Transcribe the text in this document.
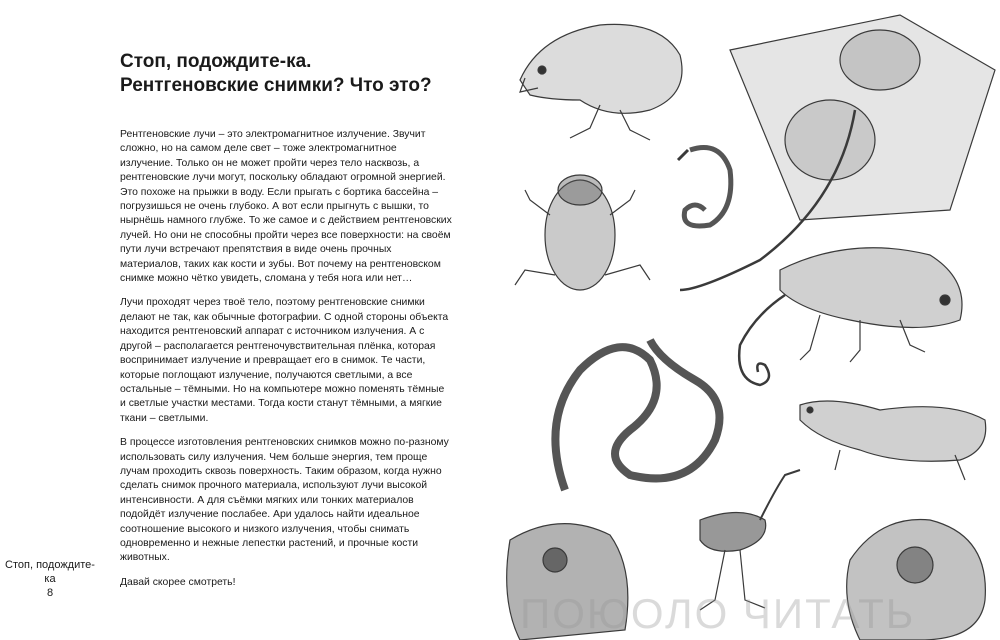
Стоп, подождите-ка.
Рентгеновские снимки? Что это?

Рентгеновские лучи – это электромагнитное излучение. Звучит сложно, но на самом деле свет – тоже электромагнитное излучение. Только он не может пройти через тело насквозь, а рентгеновские лучи могут, поскольку обладают огромной энергией. Это похоже на прыжки в воду. Если прыгать с бортика бассейна – погрузишься не очень глубоко. А вот если прыгнуть с вышки, то нырнёшь намного глубже. То же самое и с действием рентгеновских лучей. Но они не способны пройти через все поверхности: на своём пути лучи встречают препятствия в виде очень прочных материалов, таких как кости и зубы. Вот почему на рентгеновском снимке можно чётко увидеть, сломана у тебя нога или нет…

Лучи проходят через твоё тело, поэтому рентгеновские снимки делают не так, как обычные фотографии. С одной стороны объекта находится рентгеновский аппарат с источником излучения. А с другой – располагается рентгеночувствительная плёнка, которая воспринимает излучение и превращает его в снимок. Те части, которые поглощают излучение, получаются светлыми, а все остальные – тёмными. Но на компьютере можно поменять тёмные и светлые участки местами. Тогда кости станут тёмными, а мягкие ткани – светлыми.

В процессе изготовления рентгеновских снимков можно по-разному использовать силу излучения. Чем больше энергия, тем проще лучам проходить сквозь поверхность. Таким образом, когда нужно сделать снимок прочного материала, используют лучи высокой интенсивности. А для съёмки мягких или тонких материалов подойдёт излучение послабее. Ари удалось найти идеальное соотношение высокого и низкого излучения, чтобы снимать одновременно и нежные лепестки растений, и прочные кости животных.

Давай скорее смотреть!

Стоп, подождите-ка
8	ПОЮОЛО ЧИТАТЬ
